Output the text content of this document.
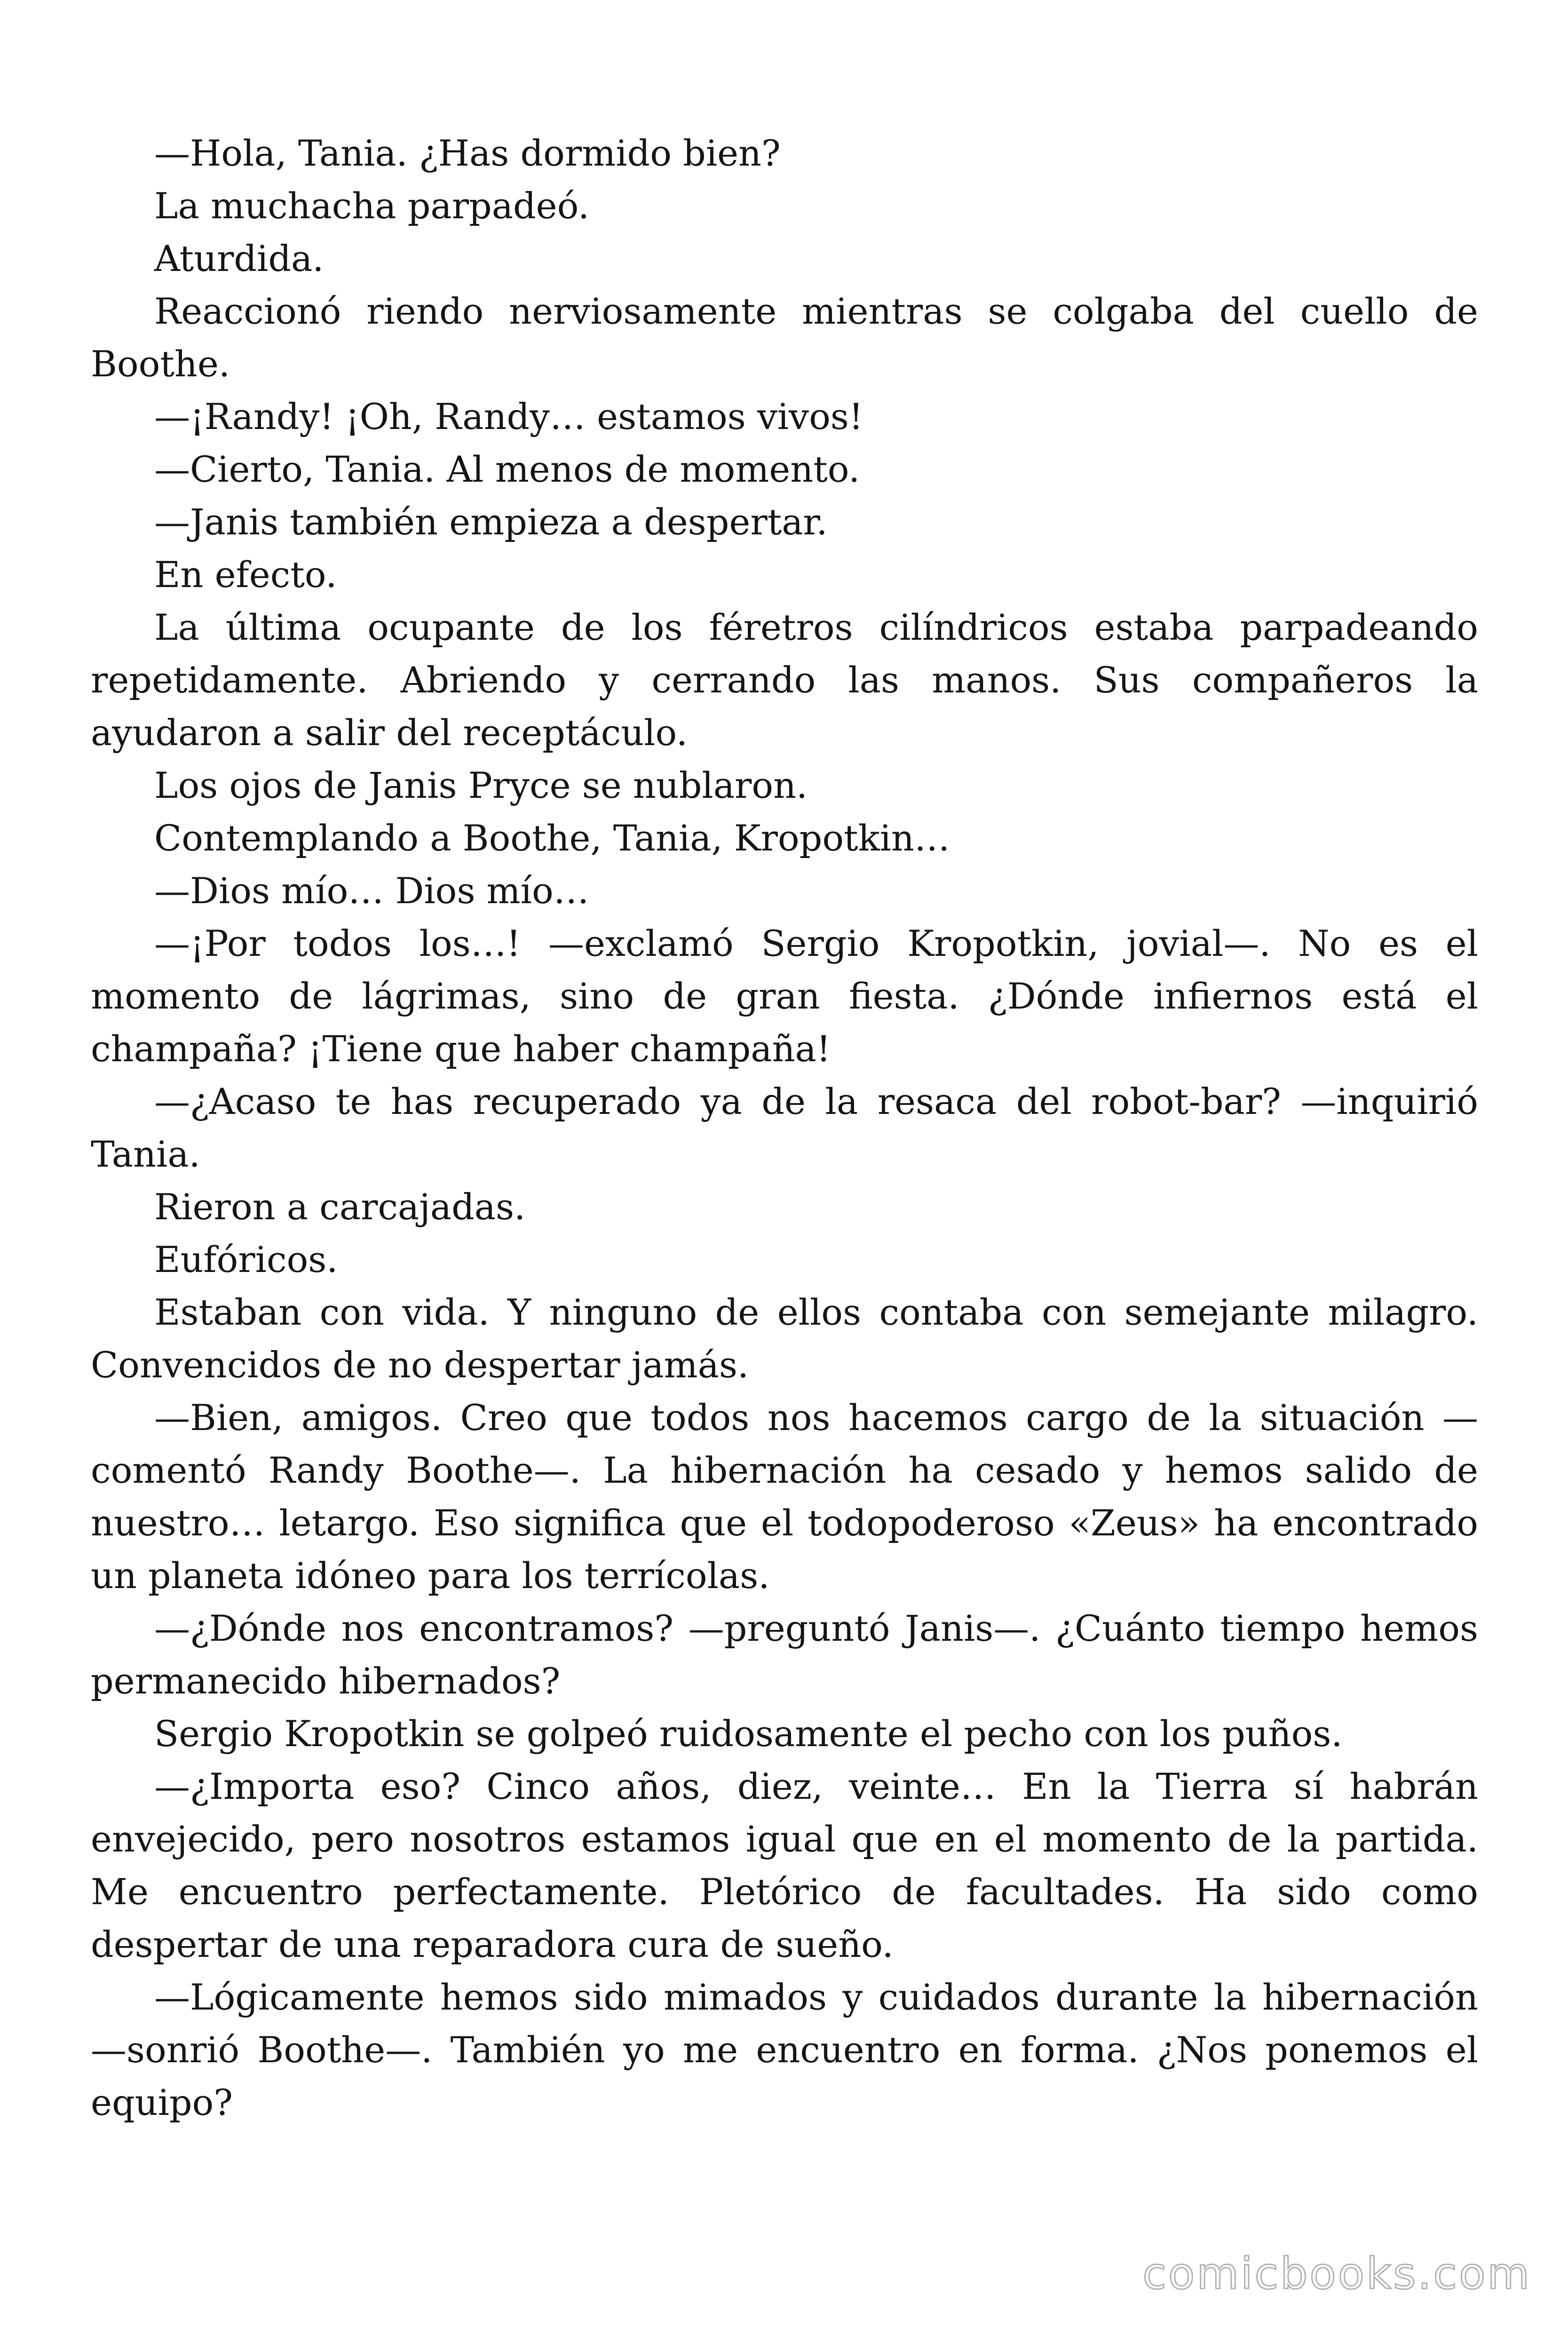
—Hola, Tania. ¿Has dormido bien?

La muchacha parpadeó.

Aturdida.

Reaccionó riendo nerviosamente mientras se colgaba del cuello de Boothe.

—¡Randy! ¡Oh, Randy… estamos vivos!

—Cierto, Tania. Al menos de momento.

—Janis también empieza a despertar.

En efecto.

La última ocupante de los féretros cilíndricos estaba parpadeando repetidamente. Abriendo y cerrando las manos. Sus compañeros la ayudaron a salir del receptáculo.

Los ojos de Janis Pryce se nublaron.

Contemplando a Boothe, Tania, Kropotkin…

—Dios mío… Dios mío…

—¡Por todos los…! —exclamó Sergio Kropotkin, jovial—. No es el momento de lágrimas, sino de gran fiesta. ¿Dónde infiernos está el champaña? ¡Tiene que haber champaña!

—¿Acaso te has recuperado ya de la resaca del robot-bar? —inquirió Tania.

Rieron a carcajadas.

Eufóricos.

Estaban con vida. Y ninguno de ellos contaba con semejante milagro. Convencidos de no despertar jamás.

—Bien, amigos. Creo que todos nos hacemos cargo de la situación —comentó Randy Boothe—. La hibernación ha cesado y hemos salido de nuestro… letargo. Eso significa que el todopoderoso «Zeus» ha encontrado un planeta idóneo para los terrícolas.

—¿Dónde nos encontramos? —preguntó Janis—. ¿Cuánto tiempo hemos permanecido hibernados?

Sergio Kropotkin se golpeó ruidosamente el pecho con los puños.

—¿Importa eso? Cinco años, diez, veinte… En la Tierra sí habrán envejecido, pero nosotros estamos igual que en el momento de la partida. Me encuentro perfectamente. Pletórico de facultades. Ha sido como despertar de una reparadora cura de sueño.

—Lógicamente hemos sido mimados y cuidados durante la hibernación —sonrió Boothe—. También yo me encuentro en forma. ¿Nos ponemos el equipo?

comicbooks.com
